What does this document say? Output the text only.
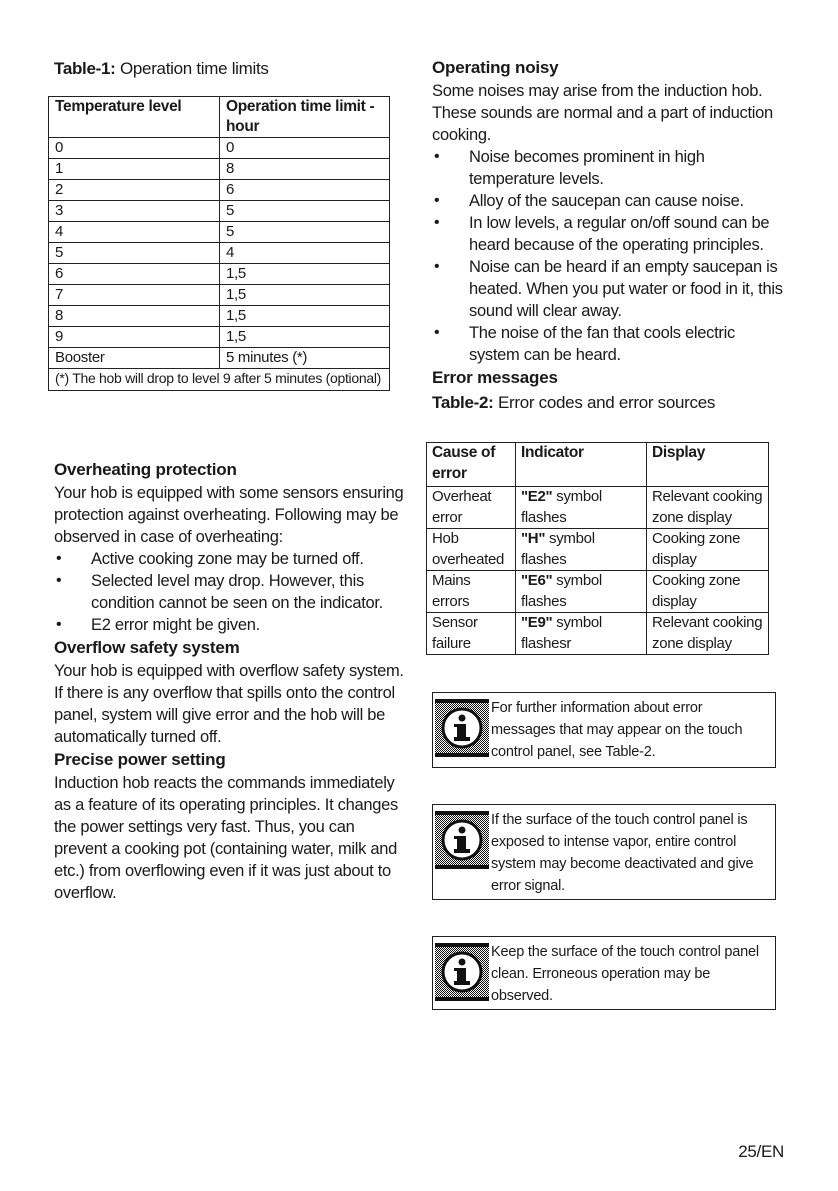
Table-1: Operation time limits
Temperature level	Operation time limit - hour
0	0
1	8
2	6
3	5
4	5
5	4
6	1,5
7	1,5
8	1,5
9	1,5
Booster	5 minutes (*)
(*) The hob will drop to level 9 after 5 minutes (optional)	
Overheating protection

Your hob is equipped with some sensors ensuring protection against overheating. Following may be observed in case of overheating:

• Active cooking zone may be turned off.
• Selected level may drop. However, this condition cannot be seen on the indicator.
• E2 error might be given.
Overflow safety system

Your hob is equipped with overflow safety system. If there is any overflow that spills onto the control panel, system will give error and the hob will be automatically turned off.

Precise power setting

Induction hob reacts the commands immediately as a feature of its operating principles. It changes the power settings very fast. Thus, you can prevent a cooking pot (containing water, milk and etc.) from overflowing even if it was just about to overflow.

Operating noisy

Some noises may arise from the induction hob. These sounds are normal and a part of induction cooking.

• Noise becomes prominent in high temperature levels.
• Alloy of the saucepan can cause noise.
• In low levels, a regular on/off sound can be heard because of the operating principles.
• Noise can be heard if an empty saucepan is heated. When you put water or food in it, this sound will clear away.
• The noise of the fan that cools electric system can be heard.
Error messages
Table-2: Error codes and error sources
Cause of error	Indicator	Display
Overheat error	"E2" symbol flashes	Relevant cooking zone display
Hob overheated	"H" symbol flashes	Cooking zone display
Mains errors	"E6" symbol flashes	Cooking zone display
Sensor failure	"E9" symbol flashesr	Relevant cooking zone display
For further information about error messages that may appear on the touch control panel, see Table-2.
If the surface of the touch control panel is exposed to intense vapor, entire control system may become deactivated and give error signal.
Keep the surface of the touch control panel clean. Erroneous operation may be observed.
25/EN
